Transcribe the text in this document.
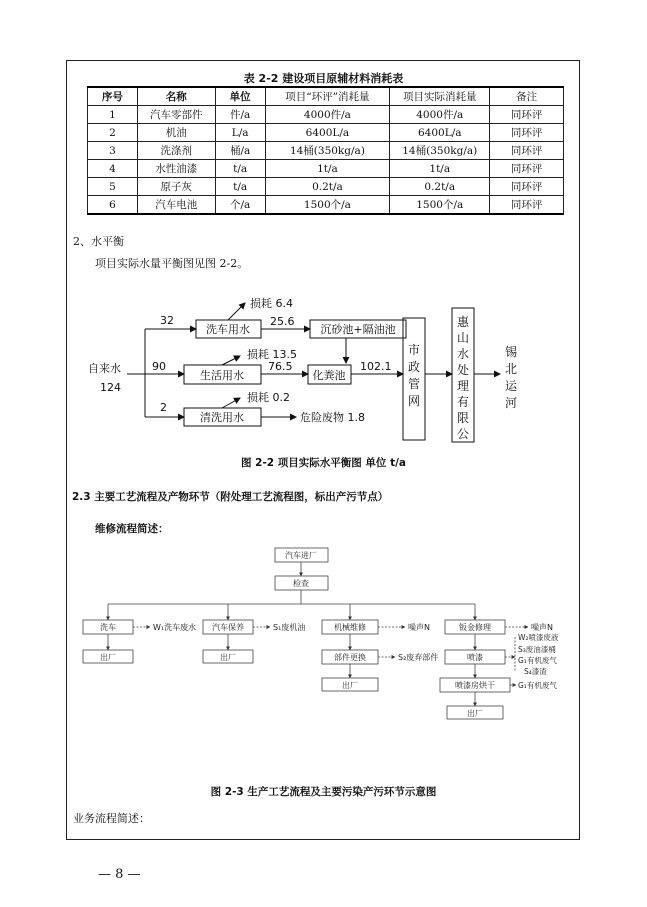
表 2-2 建设项目原辅材料消耗表
序号	名称	单位	项目“环评”消耗量	项目实际消耗量	备注
1	汽车零部件	件/a	4000件/a	4000件/a	同环评
2	机油	L/a	6400L/a	6400L/a	同环评
3	洗涤剂	桶/a	14桶(350kg/a)	14桶(350kg/a)	同环评
4	水性油漆	t/a	1t/a	1t/a	同环评
5	原子灰	t/a	0.2t/a	0.2t/a	同环评
6	汽车电池	个/a	1500个/a	1500个/a	同环评
2、水平衡
项目实际水量平衡图见图 2-2。
自来水
124
32
90
2
洗车用水
生活用水
清洗用水
损耗 6.4
损耗 13.5
损耗 0.2
25.6
沉砂池+隔油池
76.5
化粪池
102.1
危险废物 1.8
市政管网
惠山水处理有限公
锡北运河
汽车进厂
检查
洗车	W₁洗车废水
出厂
汽车保养	S₁废机油
出厂
机械维修	噪声N
部件更换	S₂废弃部件
出厂
钣金修理	噪声N
喷漆
W₂喷漆废液
S₃废油漆桶
G₁有机废气
S₄漆渣
喷漆房烘干	G₁有机废气
出厂
图 2-2 项目实际水平衡图 单位 t/a
2.3 主要工艺流程及产物环节（附处理工艺流程图，标出产污节点）
维修流程简述：
图 2-3 生产工艺流程及主要污染产污环节示意图
业务流程简述：
— 8 —
